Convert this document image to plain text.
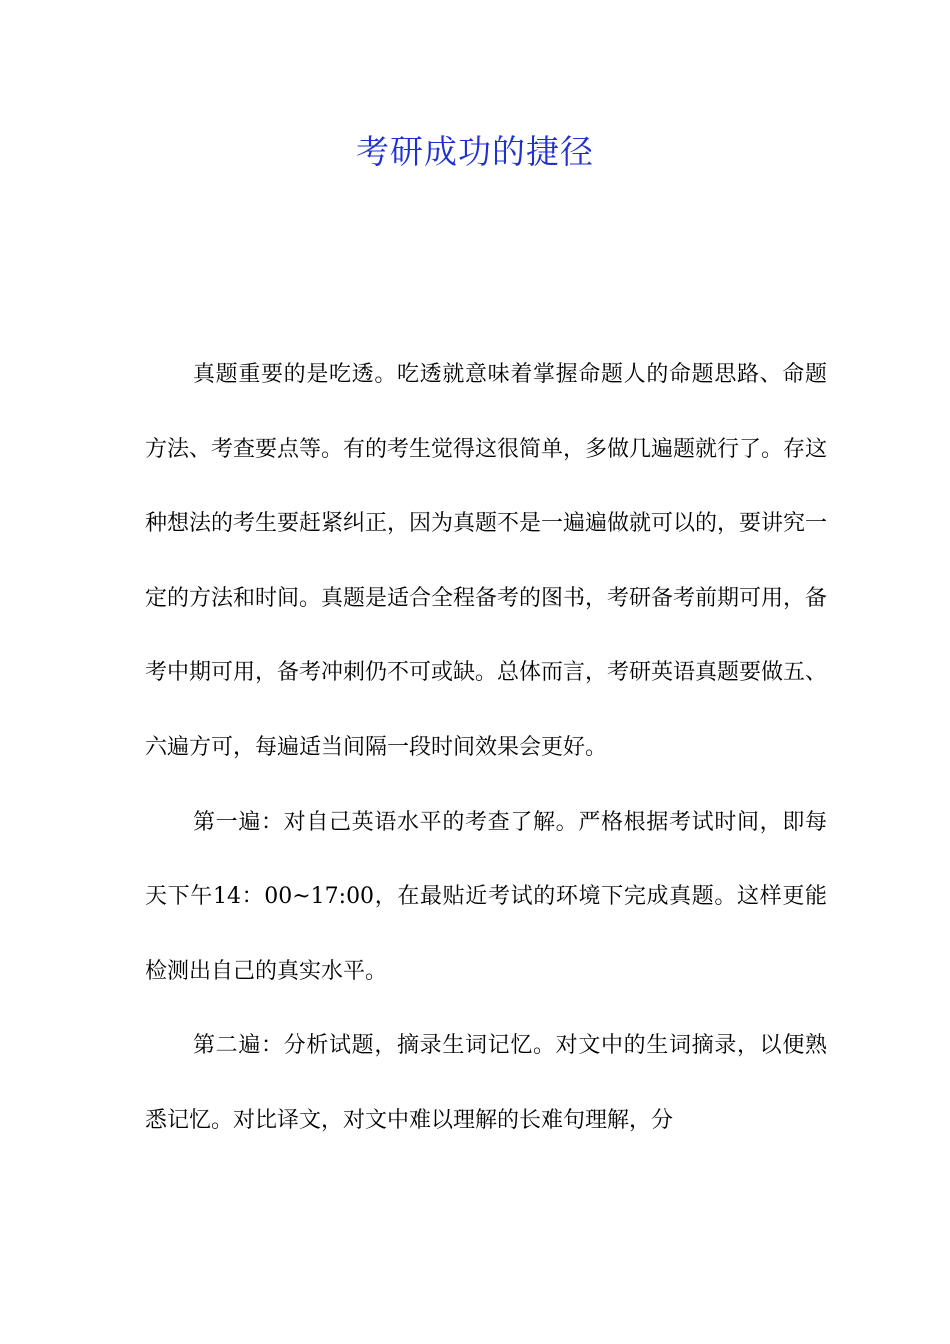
考研成功的捷径

真题重要的是吃透。吃透就意味着掌握命题人的命题思路、命题方法、考查要点等。有的考生觉得这很简单，多做几遍题就行了。存这种想法的考生要赶紧纠正，因为真题不是一遍遍做就可以的，要讲究一定的方法和时间。真题是适合全程备考的图书，考研备考前期可用，备考中期可用，备考冲刺仍不可或缺。总体而言，考研英语真题要做五、六遍方可，每遍适当间隔一段时间效果会更好。

第一遍：对自己英语水平的考查了解。严格根据考试时间，即每天下午14：00~17:00，在最贴近考试的环境下完成真题。这样更能检测出自己的真实水平。

第二遍：分析试题，摘录生词记忆。对文中的生词摘录，以便熟悉记忆。对比译文，对文中难以理解的长难句理解，分
